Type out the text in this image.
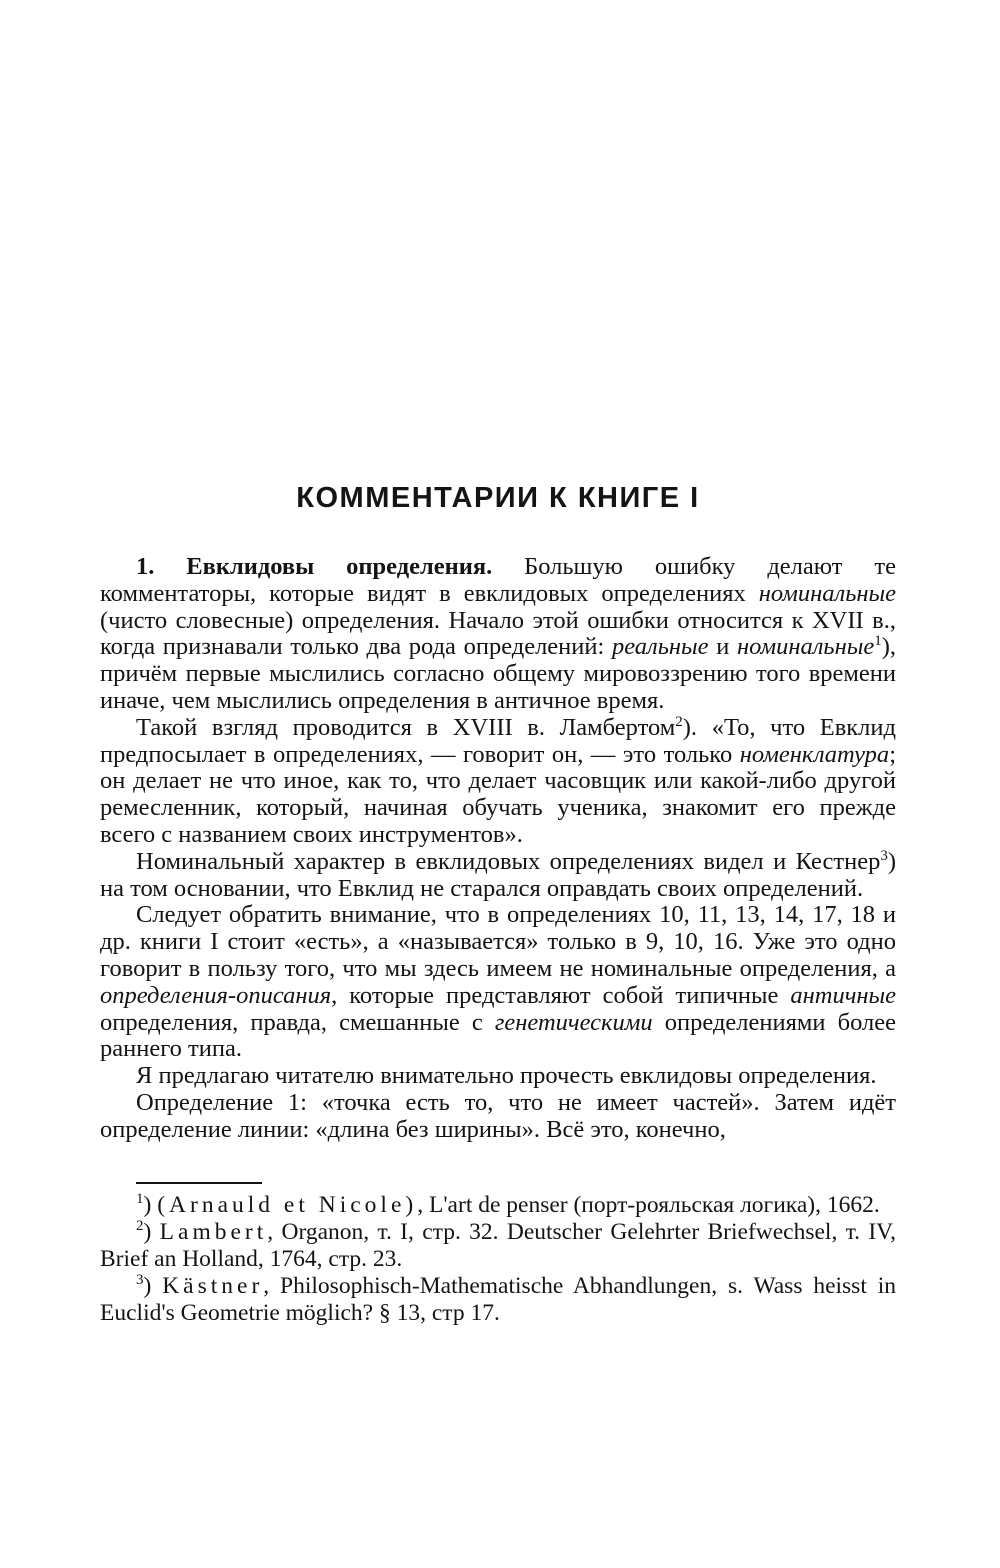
КОММЕНТАРИИ К КНИГЕ I

1. Евклидовы определения. Большую ошибку делают те комментаторы, которые видят в евклидовых определениях номинальные (чисто словесные) определения. Начало этой ошибки относится к XVII в., когда признавали только два рода определений: реальные и номинальные$^1$), причём первые мыслились согласно общему мировоззрению того времени иначе, чем мыслились определения в античное время.

Такой взгляд проводится в XVIII в. Ламбертом$^2$). «То, что Евклид предпосылает в определениях, — говорит он, — это только номенклатура; он делает не что иное, как то, что делает часовщик или какой-либо другой ремесленник, который, начиная обучать ученика, знакомит его прежде всего с названием своих инструментов».

Номинальный характер в евклидовых определениях видел и Кестнер$^3$) на том основании, что Евклид не старался оправдать своих определений.

Следует обратить внимание, что в определениях 10, 11, 13, 14, 17, 18 и др. книги I стоит «есть», а «называется» только в 9, 10, 16. Уже это одно говорит в пользу того, что мы здесь имеем не номинальные определения, а определения-описания, которые представляют собой типичные античные определения, правда, смешанные с генетическими определениями более раннего типа.

Я предлагаю читателю внимательно прочесть евклидовы определения.

Определение 1: «точка есть то, что не имеет частей». Затем идёт определение линии: «длина без ширины». Всё это, конечно,

$^1$) (Arnauld et Nicole), L'art de penser (порт-рояльская логика), 1662.

$^2$) Lambert, Organon, т. I, стр. 32. Deutscher Gelehrter Briefwechsel, т. IV, Brief an Holland, 1764, стр. 23.

$^3$) Kästner, Philosophisch-Mathematische Abhandlungen, s. Wass heisst in Euclid's Geometrie möglich? § 13, стр 17.
